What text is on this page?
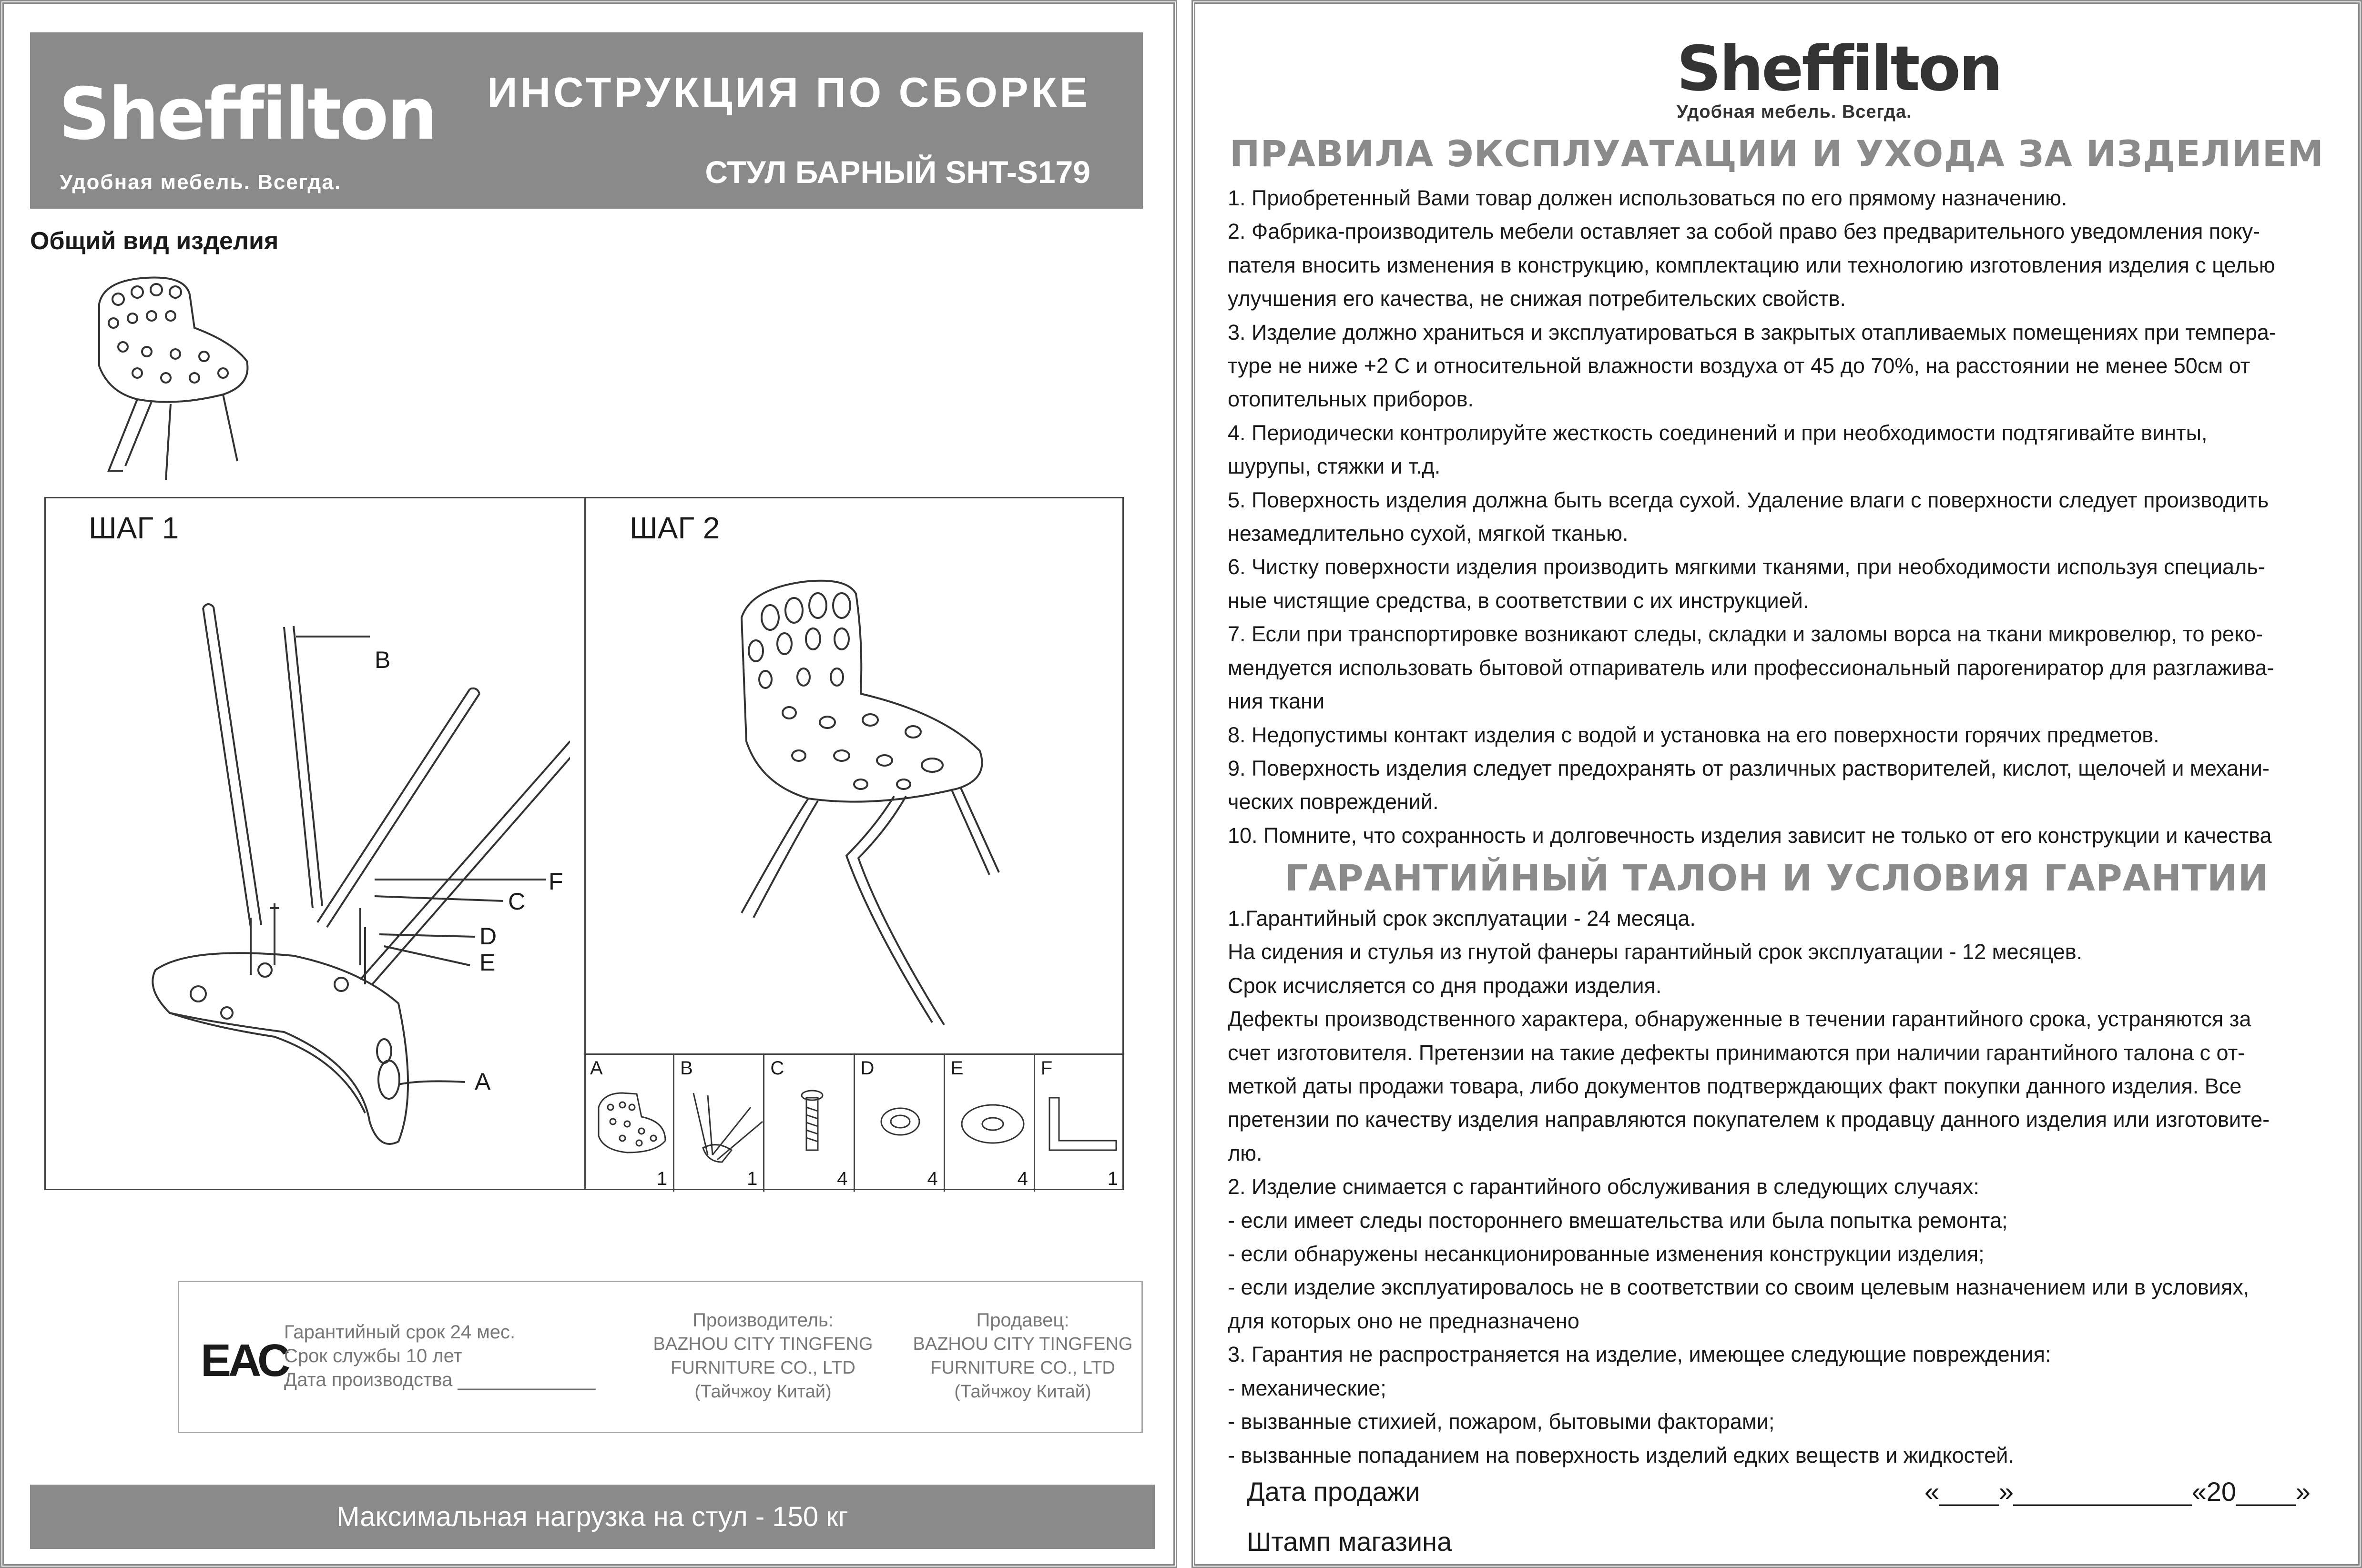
Sheffilton
Удобная мебель. Всегда.
ИНСТРУКЦИЯ ПО СБОРКЕ
СТУЛ БАРНЫЙ SHT-S179
Общий вид изделия
ШАГ 1	ШАГ 2
B
F
C
D
E
A	A
1
B
1
C
4
D
4
E
4
F
1
ЕАС
Гарантийный срок 24 мес.
Срок службы 10 лет
Дата производства _____________
Производитель:
BAZHOU CITY TINGFENG
FURNITURE CO., LTD
(Тайчжоу Китай)
Продавец:
BAZHOU CITY TINGFENG
FURNITURE CO., LTD
(Тайчжоу Китай)
Максимальная нагрузка на стул - 150 кг
Sheffilton
Удобная мебель. Всегда.
ПРАВИЛА ЭКСПЛУАТАЦИИ И УХОДА ЗА ИЗДЕЛИЕМ

1. Приобретенный Вами товар должен использоваться по его прямому назначению.

2. Фабрика-производитель мебели оставляет за собой право без предварительного уведомления поку-

пателя вносить изменения в конструкцию, комплектацию или технологию изготовления изделия с целью

улучшения его качества, не снижая потребительских свойств.

3. Изделие должно храниться и эксплуатироваться в закрытых отапливаемых помещениях при темпера-

туре не ниже +2 С и относительной влажности воздуха от 45 до 70%, на расстоянии не менее 50см от

отопительных приборов.

4. Периодически контролируйте жесткость соединений и при необходимости подтягивайте винты,

шурупы, стяжки и т.д.

5. Поверхность изделия должна быть всегда сухой. Удаление влаги с поверхности следует производить

незамедлительно сухой, мягкой тканью.

6. Чистку поверхности изделия производить мягкими тканями, при необходимости используя специаль-

ные чистящие средства, в соответствии с их инструкцией.

7. Если при транспортировке возникают следы, складки и заломы ворса на ткани микровелюр, то реко-

мендуется использовать бытовой отпариватель или профессиональный парогениратор для разглажива-

ния ткани

8. Недопустимы контакт изделия с водой и установка на его поверхности горячих предметов.

9. Поверхность изделия следует предохранять от различных растворителей, кислот, щелочей и механи-

ческих повреждений.

10. Помните, что сохранность и долговечность изделия зависит не только от его конструкции и качества

ГАРАНТИЙНЫЙ ТАЛОН И УСЛОВИЯ ГАРАНТИИ

1.Гарантийный срок эксплуатации - 24 месяца.

На сидения и стулья из гнутой фанеры гарантийный срок эксплуатации - 12 месяцев.

Срок исчисляется со дня продажи изделия.

Дефекты производственного характера, обнаруженные в течении гарантийного срока, устраняются за

счет изготовителя. Претензии на такие дефекты принимаются при наличии гарантийного талона с от-

меткой даты продажи товара, либо документов подтверждающих факт покупки данного изделия. Все

претензии по качеству изделия направляются покупателем к продавцу данного изделия или изготовите-

лю.

2. Изделие снимается с гарантийного обслуживания в следующих случаях:

- если имеет следы постороннего вмешательства или была попытка ремонта;

- если обнаружены несанкционированные изменения конструкции изделия;

- если изделие эксплуатировалось не в соответствии со своим целевым назначением или в условиях,

для которых оно не предназначено

3. Гарантия не распространяется на изделие, имеющее следующие повреждения:

- механические;

- вызванные стихией, пожаром, бытовыми факторами;

- вызванные попаданием на поверхность изделий едких веществ и жидкостей.

Дата продажи	«____»____________«20____»
Штамп магазина
